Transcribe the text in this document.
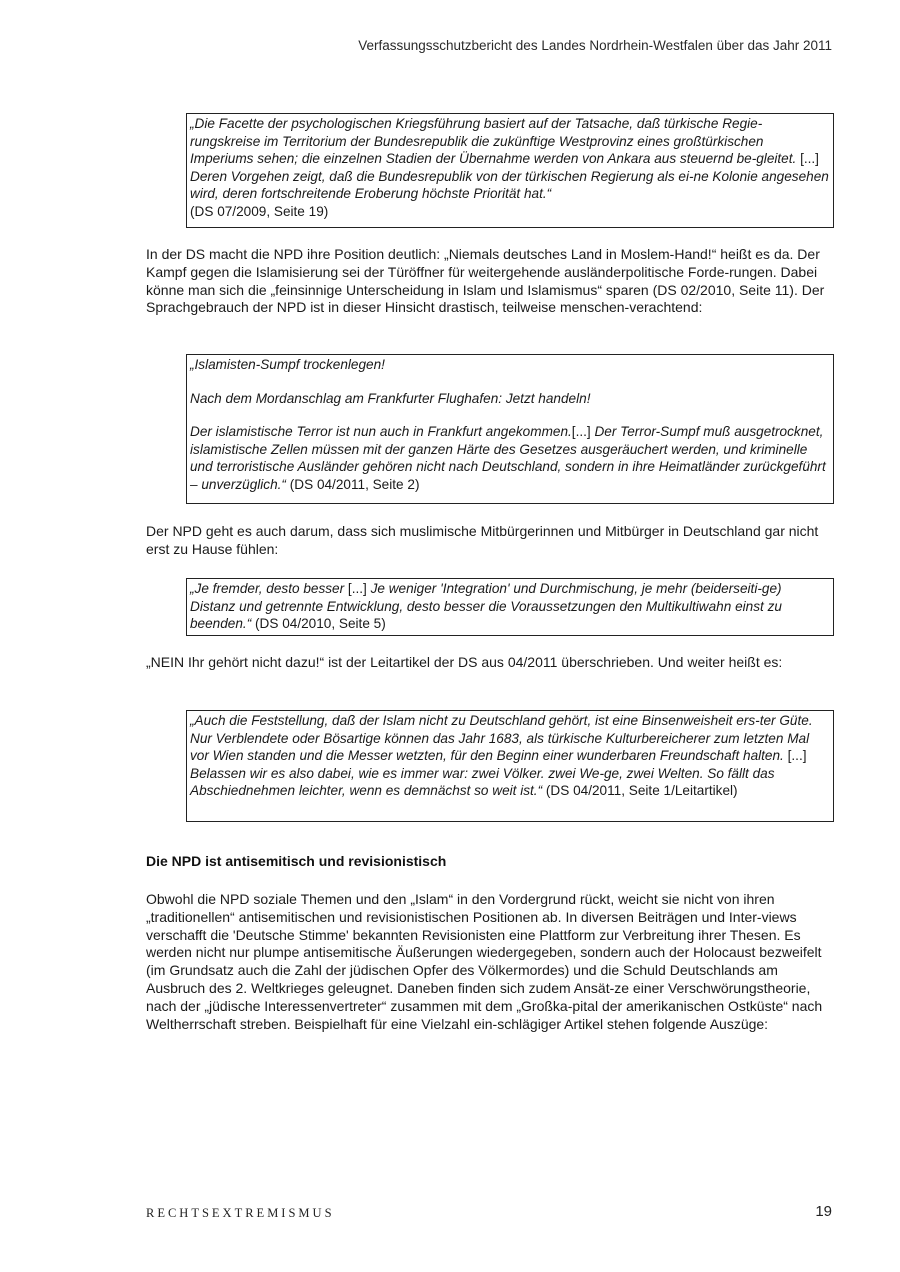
Verfassungsschutzbericht des Landes Nordrhein-Westfalen über das Jahr 2011
„Die Facette der psychologischen Kriegsführung basiert auf der Tatsache, daß türkische Regie-rungskreise im Territorium der Bundesrepublik die zukünftige Westprovinz eines großtürkischen Imperiums sehen; die einzelnen Stadien der Übernahme werden von Ankara aus steuernd be-gleitet. [...] Deren Vorgehen zeigt, daß die Bundesrepublik von der türkischen Regierung als ei-ne Kolonie angesehen wird, deren fortschreitende Eroberung höchste Priorität hat.“
(DS 07/2009, Seite 19)
In der DS macht die NPD ihre Position deutlich: „Niemals deutsches Land in Moslem-Hand!“ heißt es da. Der Kampf gegen die Islamisierung sei der Türöffner für weitergehende ausländerpolitische Forde-rungen. Dabei könne man sich die „feinsinnige Unterscheidung in Islam und Islamismus“ sparen (DS 02/2010, Seite 11). Der Sprachgebrauch der NPD ist in dieser Hinsicht drastisch, teilweise menschen-verachtend:

„Islamisten-Sumpf trockenlegen!

Nach dem Mordanschlag am Frankfurter Flughafen: Jetzt handeln!

Der islamistische Terror ist nun auch in Frankfurt angekommen.[...] Der Terror-Sumpf muß ausgetrocknet, islamistische Zellen müssen mit der ganzen Härte des Gesetzes ausgeräuchert werden, und kriminelle und terroristische Ausländer gehören nicht nach Deutschland, sondern in ihre Heimatländer zurückgeführt – unverzüglich.“ (DS 04/2011, Seite 2)

Der NPD geht es auch darum, dass sich muslimische Mitbürgerinnen und Mitbürger in Deutschland gar nicht erst zu Hause fühlen:
„Je fremder, desto besser [...] Je weniger 'Integration' und Durchmischung, je mehr (beiderseiti-ge) Distanz und getrennte Entwicklung, desto besser die Voraussetzungen den Multikultiwahn einst zu beenden.“ (DS 04/2010, Seite 5)
„NEIN Ihr gehört nicht dazu!“ ist der Leitartikel der DS aus 04/2011 überschrieben. Und weiter heißt es:
„Auch die Feststellung, daß der Islam nicht zu Deutschland gehört, ist eine Binsenweisheit ers-ter Güte. Nur Verblendete oder Bösartige können das Jahr 1683, als türkische Kulturbereicherer zum letzten Mal vor Wien standen und die Messer wetzten, für den Beginn einer wunderbaren Freundschaft halten. [...] Belassen wir es also dabei, wie es immer war: zwei Völker. zwei We-ge, zwei Welten. So fällt das Abschiednehmen leichter, wenn es demnächst so weit ist.“ (DS 04/2011, Seite 1/Leitartikel)
Die NPD ist antisemitisch und revisionistisch
Obwohl die NPD soziale Themen und den „Islam“ in den Vordergrund rückt, weicht sie nicht von ihren „traditionellen“ antisemitischen und revisionistischen Positionen ab. In diversen Beiträgen und Inter-views verschafft die 'Deutsche Stimme' bekannten Revisionisten eine Plattform zur Verbreitung ihrer Thesen. Es werden nicht nur plumpe antisemitische Äußerungen wiedergegeben, sondern auch der Holocaust bezweifelt (im Grundsatz auch die Zahl der jüdischen Opfer des Völkermordes) und die Schuld Deutschlands am Ausbruch des 2. Weltkrieges geleugnet. Daneben finden sich zudem Ansät-ze einer Verschwörungstheorie, nach der „jüdische Interessenvertreter“ zusammen mit dem „Großka-pital der amerikanischen Ostküste“ nach Weltherrschaft streben. Beispielhaft für eine Vielzahl ein-schlägiger Artikel stehen folgende Auszüge:
RECHTSEXTREMISMUS	19
